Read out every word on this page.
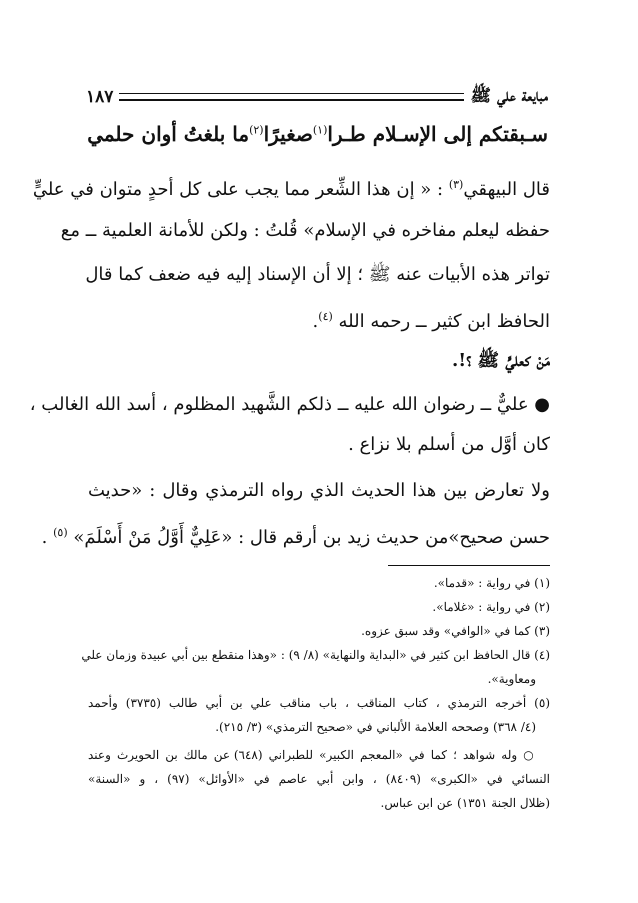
مبايعة علي ﷺ
١٨٧
سـبقتكم إلى الإسـلام طـرا$^{(١)}$
صغيرًا$^{(٢)}$
ما بلغتُ أوان حلمي
قال البيهقي$^{(٣)}$ : « إن هذا الشِّعر مما يجب على كل أحدٍ متوان في عليٍّ
حفظه ليعلم مفاخره في الإسلام» قُلتُ : ولكن للأمانة العلمية ــ مع
تواتر هذه الأبيات عنه ﷺ ؛ إلا أن الإسناد إليه فيه ضعف كما قال
الحافظ ابن كثير ــ رحمه الله $^{(٤)}$.
مَنْ كعليٍّ ﷺ ؟!.
● عليٌّ ــ رضوان الله عليه ــ ذلكم الشَّهيد المظلوم ، أسد الله الغالب ،
كان أوَّل من أسلم بلا نزاع .
ولا تعارض بين هذا الحديث الذي رواه الترمذي وقال : «حديث
حسن صحيح»من حديث زيد بن أرقم قال : «عَلِيٌّ أَوَّلُ مَنْ أَسْلَمَ» $^{(٥)}$ .
(١) في رواية : «قدما».
(٢) في رواية : «غلاما».
(٣) كما في «الوافي» وقد سبق عزوه.
(٤) قال الحافظ ابن كثير في «البداية والنهاية» (٨/ ٩) : «وهذا منقطع بين أبي عبيدة وزمان علي
ومعاوية».
(٥) أخرجه الترمذي ، كتاب المناقب ، باب مناقب علي بن أبي طالب (٣٧٣٥) وأحمد
(٤/ ٣٦٨) وصححه العلامة الألباني في «صحيح الترمذي» (٣/ ٢١٥).
○ وله شواهد ؛ كما في «المعجم الكبير» للطبراني (٦٤٨) عن مالك بن الحويرث وعند
النسائي في «الكبرى» (٨٤٠٩) ، وابن أبي عاصم في «الأوائل» (٩٧) ، و «السنة»
(ظلال الجنة ١٣٥١) عن ابن عباس.
